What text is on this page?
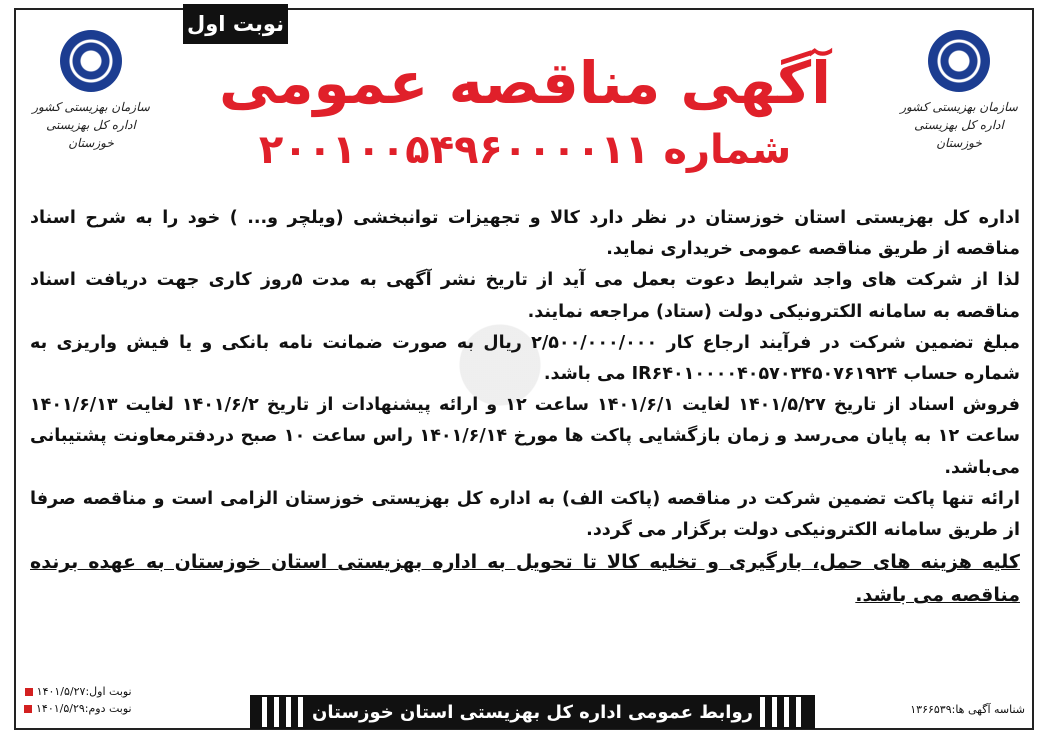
سازمان بهزیستی کشور
اداره کل بهزیستی خوزستان
سازمان بهزیستی کشور
اداره کل بهزیستی خوزستان
نوبت اول
آگهی مناقصه عمومی
شماره ۲۰۰۱۰۰۵۴۹۶۰۰۰۰۱۱

اداره کل بهزیستی استان خوزستان در نظر دارد کالا و تجهیزات توانبخشی (ویلچر و... ) خود را به شرح اسناد مناقصه از طریق مناقصه عمومی خریداری نماید.

لذا از شرکت های واجد شرایط دعوت بعمل می آید از تاریخ نشر آگهی به مدت ۵روز کاری جهت دریافت اسناد مناقصه به سامانه الکترونیکی دولت (ستاد) مراجعه نمایند.

مبلغ تضمین شرکت در فرآیند ارجاع کار ۲/۵۰۰/۰۰۰/۰۰۰ ریال به صورت ضمانت نامه بانکی و یا فیش واریزی به شماره حساب IR۶۴۰۱۰۰۰۰۴۰۵۷۰۳۴۵۰۷۶۱۹۲۴ می باشد.

فروش اسناد از تاریخ ۱۴۰۱/۵/۲۷ لغایت ۱۴۰۱/۶/۱ ساعت ۱۲ و ارائه پیشنهادات از تاریخ ۱۴۰۱/۶/۲ لغایت ۱۴۰۱/۶/۱۳ ساعت ۱۲ به پایان می‌رسد و زمان بازگشایی پاکت ها مورخ ۱۴۰۱/۶/۱۴ راس ساعت ۱۰ صبح دردفترمعاونت پشتیبانی می‌باشد.

ارائه تنها پاکت تضمین شرکت در مناقصه (پاکت الف) به اداره کل بهزیستی خوزستان الزامی است و مناقصه صرفا از طریق سامانه الکترونیکی دولت برگزار می گردد.

کلیه هزینه های حمل، بارگیری و تخلیه کالا تا تحویل به اداره بهزیستی استان خوزستان به عهده برنده مناقصه می باشد.

نوبت اول:۱۴۰۱/۵/۲۷
نوبت دوم:۱۴۰۱/۵/۲۹	روابط عمومی اداره کل بهزیستی استان خوزستان	شناسه آگهی ها:۱۳۶۶۵۳۹
